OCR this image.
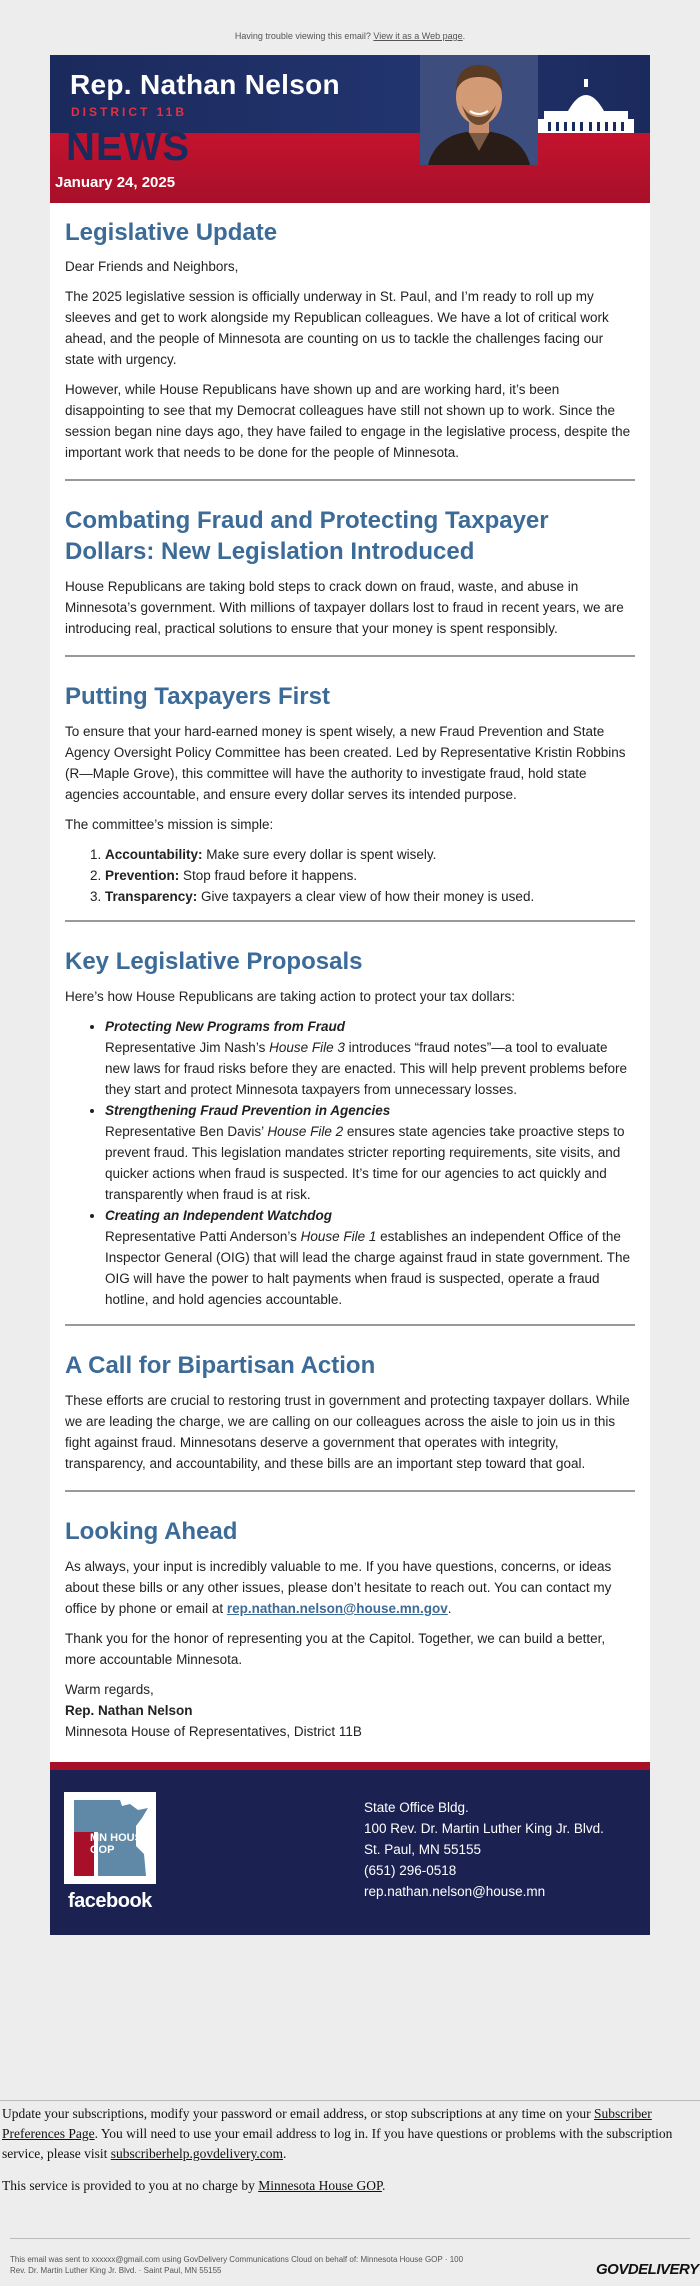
Having trouble viewing this email? View it as a Web page.
Rep. Nathan Nelson
DISTRICT 11B
NEWS
January 24, 2025
Legislative Update

Dear Friends and Neighbors,

The 2025 legislative session is officially underway in St. Paul, and I’m ready to roll up my sleeves and get to work alongside my Republican colleagues. We have a lot of critical work ahead, and the people of Minnesota are counting on us to tackle the challenges facing our state with urgency.

However, while House Republicans have shown up and are working hard, it’s been disappointing to see that my Democrat colleagues have still not shown up to work. Since the session began nine days ago, they have failed to engage in the legislative process, despite the important work that needs to be done for the people of Minnesota.

Combating Fraud and Protecting Taxpayer Dollars: New Legislation Introduced

House Republicans are taking bold steps to crack down on fraud, waste, and abuse in Minnesota’s government. With millions of taxpayer dollars lost to fraud in recent years, we are introducing real, practical solutions to ensure that your money is spent responsibly.

Putting Taxpayers First

To ensure that your hard-earned money is spent wisely, a new Fraud Prevention and State Agency Oversight Policy Committee has been created. Led by Representative Kristin Robbins (R—Maple Grove), this committee will have the authority to investigate fraud, hold state agencies accountable, and ensure every dollar serves its intended purpose.

The committee’s mission is simple:

1. Accountability: Make sure every dollar is spent wisely.
2. Prevention: Stop fraud before it happens.
3. Transparency: Give taxpayers a clear view of how their money is used.
Key Legislative Proposals

Here’s how House Republicans are taking action to protect your tax dollars:

• Protecting New Programs from Fraud
Representative Jim Nash’s House File 3 introduces “fraud notes”—a tool to evaluate new laws for fraud risks before they are enacted. This will help prevent problems before they start and protect Minnesota taxpayers from unnecessary losses.
• Strengthening Fraud Prevention in Agencies
Representative Ben Davis’ House File 2 ensures state agencies take proactive steps to prevent fraud. This legislation mandates stricter reporting requirements, site visits, and quicker actions when fraud is suspected. It’s time for our agencies to act quickly and transparently when fraud is at risk.
• Creating an Independent Watchdog
Representative Patti Anderson’s House File 1 establishes an independent Office of the Inspector General (OIG) that will lead the charge against fraud in state government. The OIG will have the power to halt payments when fraud is suspected, operate a fraud hotline, and hold agencies accountable.
A Call for Bipartisan Action

These efforts are crucial to restoring trust in government and protecting taxpayer dollars. While we are leading the charge, we are calling on our colleagues across the aisle to join us in this fight against fraud. Minnesotans deserve a government that operates with integrity, transparency, and accountability, and these bills are an important step toward that goal.

Looking Ahead

As always, your input is incredibly valuable to me. If you have questions, concerns, or ideas about these bills or any other issues, please don’t hesitate to reach out. You can contact my office by phone or email at rep.nathan.nelson@house.mn.gov.

Thank you for the honor of representing you at the Capitol. Together, we can build a better, more accountable Minnesota.

Warm regards,

Rep. Nathan Nelson

Minnesota House of Representatives, District 11B

MN HOUSE GOP
facebook
State Office Bldg.
100 Rev. Dr. Martin Luther King Jr. Blvd.
St. Paul, MN 55155
(651) 296-0518
rep.nathan.nelson@house.mn

Update your subscriptions, modify your password or email address, or stop subscriptions at any time on your Subscriber Preferences Page. You will need to use your email address to log in. If you have questions or problems with the subscription service, please visit subscriberhelp.govdelivery.com.

This service is provided to you at no charge by Minnesota House GOP.

This email was sent to xxxxxx@gmail.com using GovDelivery Communications Cloud on behalf of: Minnesota House GOP · 100
Rev. Dr. Martin Luther King Jr. Blvd. · Saint Paul, MN 55155	GOVDELIVERY
